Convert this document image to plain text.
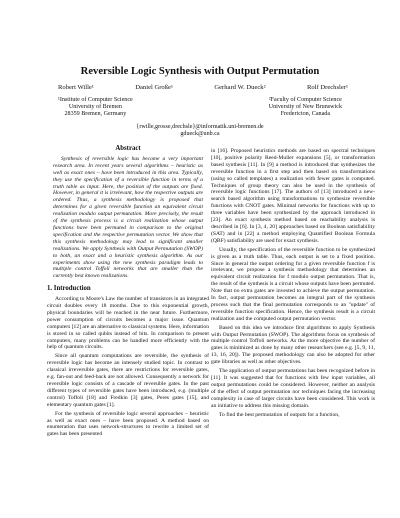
Reversible Logic Synthesis with Output Permutation
Robert Wille¹	Daniel Große¹	Gerhard W. Dueck²	Rolf Drechsler¹
¹Institute of Computer Science
University of Bremen
28359 Bremen, Germany
²Faculty of Computer Science
University of New Brunswick
Fredericton, Canada
{rwille,grosse,drechsle}@informatik.uni-bremen.de
gdueck@unb.ca
Abstract

Synthesis of reversible logic has become a very important research area. In recent years several algorithms – heuristic as well as exact ones – have been introduced in this area. Typically, they use the specification of a reversible function in terms of a truth table as input. Here, the position of the outputs are fixed. However, in general it is irrelevant, how the respective outputs are ordered. Thus, a synthesis methodology is proposed that determines for a given reversible function an equivalent circuit realization modulo output permutation. More precisely, the result of the synthesis process is a circuit realization whose output functions have been permuted in comparison to the original specification and the respective permutation vector. We show that this synthesis methodology may lead to significant smaller realizations. We apply Synthesis with Output Permutation (SWOP) to both, an exact and a heuristic synthesis algorithm. As our experiments show using the new synthesis paradigm leads to multiple control Toffoli networks that are smaller than the currently best known realizations.

1. Introduction

According to Moore's Law the number of transistors in an integrated circuit doubles every 18 months. Due to this exponential growth, physical boundaries will be reached in the near future. Furthermore, power consumption of circuits becomes a major issue. Quantum computers [12] are an alternative to classical systems. Here, information is stored in so called qubits instead of bits. In comparison to present computers, many problems can be handled more efficiently with the help of quantum circuits.

Since all quantum computations are reversible, the synthesis of reversible logic has become an intensely studied topic. In contrast to classical irreversible gates, there are restrictions for reversible gates, e.g. fan-out and feed-back are not allowed. Consequently a network for reversible logic consists of a cascade of reversible gates. In the past different types of reversible gates have been introduced, e.g. (multiple control) Toffoli [18] and Fredkin [3] gates, Peres gates [15], and elementary quantum gates [1].

For the synthesis of reversible logic several approaches – heuristic as well as exact ones – have been proposed. A method based on enumeration that uses network-structures to rewrite a limited set of gates has been presented

in [16]. Proposed heuristics methods are based on spectral techniques [10], positive polarity Reed-Muller expansions [5], or transformation based synthesis [11]. In [9] a method is introduced that synthesizes the reversible function in a first step and then based on transformations (using so called templates) a realization with fewer gates is computed. Techniques of group theory can also be used in the synthesis of reversible logic functions [17]. The authors of [13] introduced a new-search based algorithm using transformations to synthesize reversible functions with CNOT gates. Minimal networks for functions with up to three variables have been synthesized by the approach introduced in [23]. An exact synthesis method based on reachability analysis is described in [6]. In [3, 4, 20] approaches based on Boolean satisfiability (SAT) and in [22] a method employing Quantified Boolean Formula (QBF) satisfiability are used for exact synthesis.

Usually, the specification of the reversible function to be synthesized is given as a truth table. Thus, each output is set to a fixed position. Since in general the output ordering for a given reversible function f is irrelevant, we propose a synthesis methodology that determines an equivalent circuit realization for f modulo output permutation. That is, the result of the synthesis is a circuit whose outputs have been permuted. Note that no extra gates are invested to achieve the output permutation. In fact, output permutation becomes an integral part of the synthesis process such that the final permutation corresponds to an "update" of reversible function specification. Hence, the synthesis result is a circuit realization and the computed output permutation vector.

Based on this idea we introduce first algorithms to apply Synthesis with Output Permutation (SWOP). The algorithms focus on synthesis of multiple control Toffoli networks. As the more objective the number of gates is minimized as done by many other researchers (see e.g. [5, 9, 11, 13, 16, 20]). The proposed methodology can also be adopted for other gate libraries as well as other objectives.

The application of output permutations has been recognized before in [11]. It was suggested that for functions with few input variables, all output permutations could be considered. However, neither an analysis of the effect of output permutation nor techniques facing the increasing complexity in case of larger circuits have been considered. This work is an initiative to address this missing domain.

To find the best permutation of outputs for a function,
